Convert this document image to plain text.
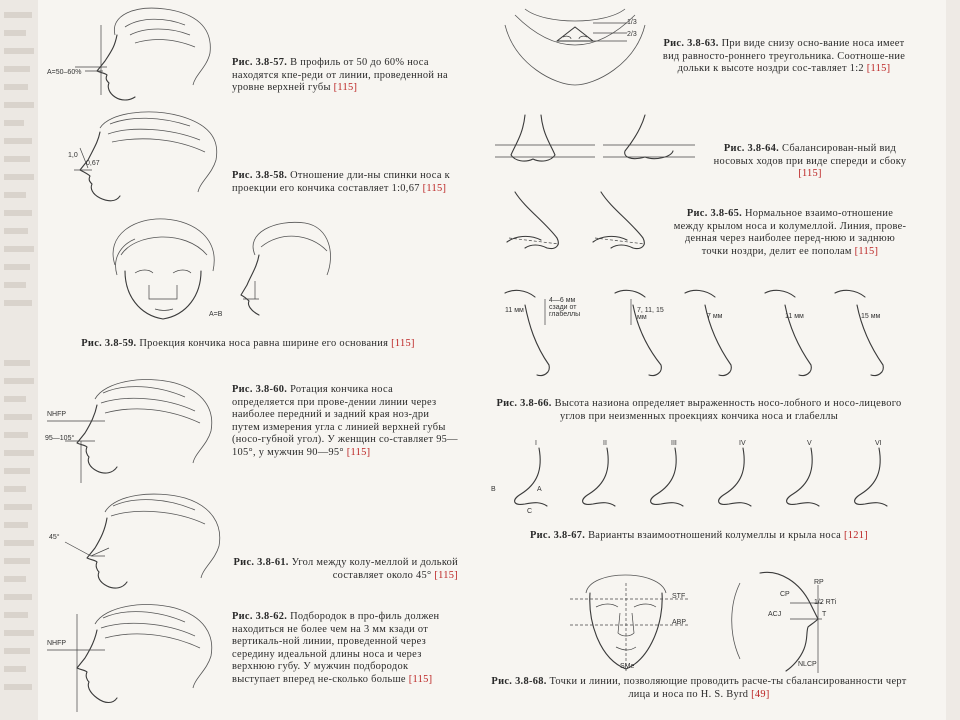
A=50–60%
Рис. 3.8-57. В профиль от 50 до 60% носа находятся кпе-реди от линии, проведенной на уровне верхней губы [115]
1,0
0,67
Рис. 3.8-58. Отношение дли-ны спинки носа к проекции его кончика составляет 1:0,67 [115]
A=B
Рис. 3.8-59. Проекция кончика носа равна ширине его основания [115]
NHFP
95—105°
Рис. 3.8-60. Ротация кончика носа определяется при прове-дении линии через наиболее передний и задний края ноз-дри путем измерения угла с линией верхней губы (носо-губной угол). У женщин со-ставляет 95—105°, у мужчин 90—95° [115]
45°
Рис. 3.8-61. Угол между колу-меллой и долькой составляет около 45° [115]
NHFP
Рис. 3.8-62. Подбородок в про-филь должен находиться не более чем на 3 мм кзади от вертикаль-ной линии, проведенной через середину идеальной длины носа и через верхнюю губу. У мужчин подбородок выступает вперед не-сколько больше [115]
1/3
2/3
Рис. 3.8-63. При виде снизу осно-вание носа имеет вид равносто-роннего треугольника. Соотноше-ние дольки к высоте ноздри сос-тавляет 1:2 [115]
Рис. 3.8-64. Сбалансирован-ный вид носовых ходов при виде спереди и сбоку [115]
Рис. 3.8-65. Нормальное взаимо-отношение между крылом носа и колумеллой. Линия, прове-денная через наиболее перед-нюю и заднюю точки ноздри, делит ее пополам [115]
11 мм
4—6 мм сзади от глабеллы
7, 11, 15 мм	7 мм	11 мм	15 мм
Рис. 3.8-66. Высота назиона определяет выраженность носо-лобного и носо-лицевого углов при неизменных проекциях кончика носа и глабеллы
I	II	III	IV	V	VI
B	A
C
Рис. 3.8-67. Варианты взаимоотношений колумеллы и крыла носа [121]
STF
ABP
SMe
RP
CP
1/2 RTi
ACJ	T
NLCP
Рис. 3.8-68. Точки и линии, позволяющие проводить расче-ты сбалансированности черт лица и носа по H. S. Byrd [49]
